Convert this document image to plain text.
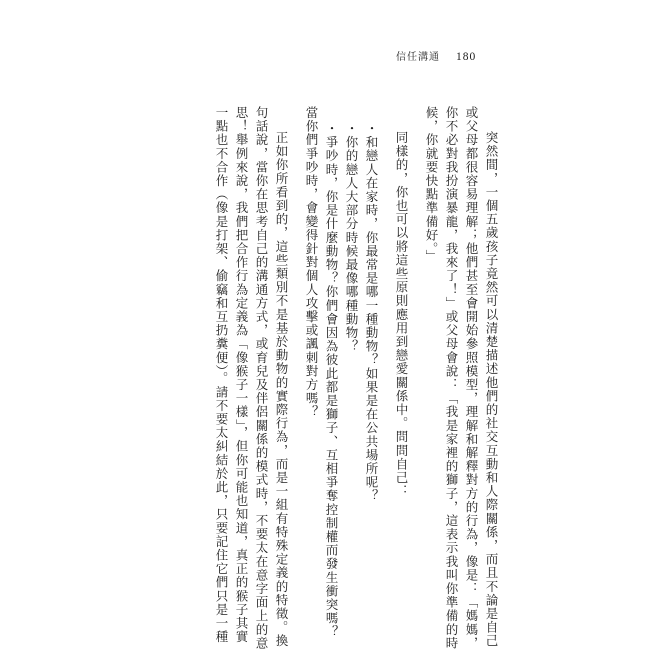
信任溝通 180
突然間，一個五歲孩子竟然可以清楚描述他們的社交互動和人際關係，而且不論是自己
或父母都很容易理解；他們甚至會開始參照模型，理解和解釋對方的行為，像是：「媽媽，
你不必對我扮演暴龍，我來了！」或父母會說：「我是家裡的獅子，這表示我叫你準備的時
候，你就要快點準備好。」
同樣的，你也可以將這些原則應用到戀愛關係中。問問自己：
・和戀人在家時，你最常是哪一種動物？如果是在公共場所呢？
・你的戀人大部分時候最像哪種動物？
・爭吵時，你是什麼動物？你們會因為彼此都是獅子、互相爭奪控制權而發生衝突嗎？
當你們爭吵時，會變得針對個人攻擊或諷刺對方嗎？
正如你所看到的，這些類別不是基於動物的實際行為，而是一組有特殊定義的特徵。換
句話說，當你在思考自己的溝通方式，或育兒及伴侶關係的模式時，不要太在意字面上的意
思！舉例來說，我們把合作行為定義為「像猴子一樣」，但你可能也知道，真正的猴子其實
一點也不合作（像是打架、偷竊和互扔糞便）。請不要太糾結於此，只要記住它們只是一種
